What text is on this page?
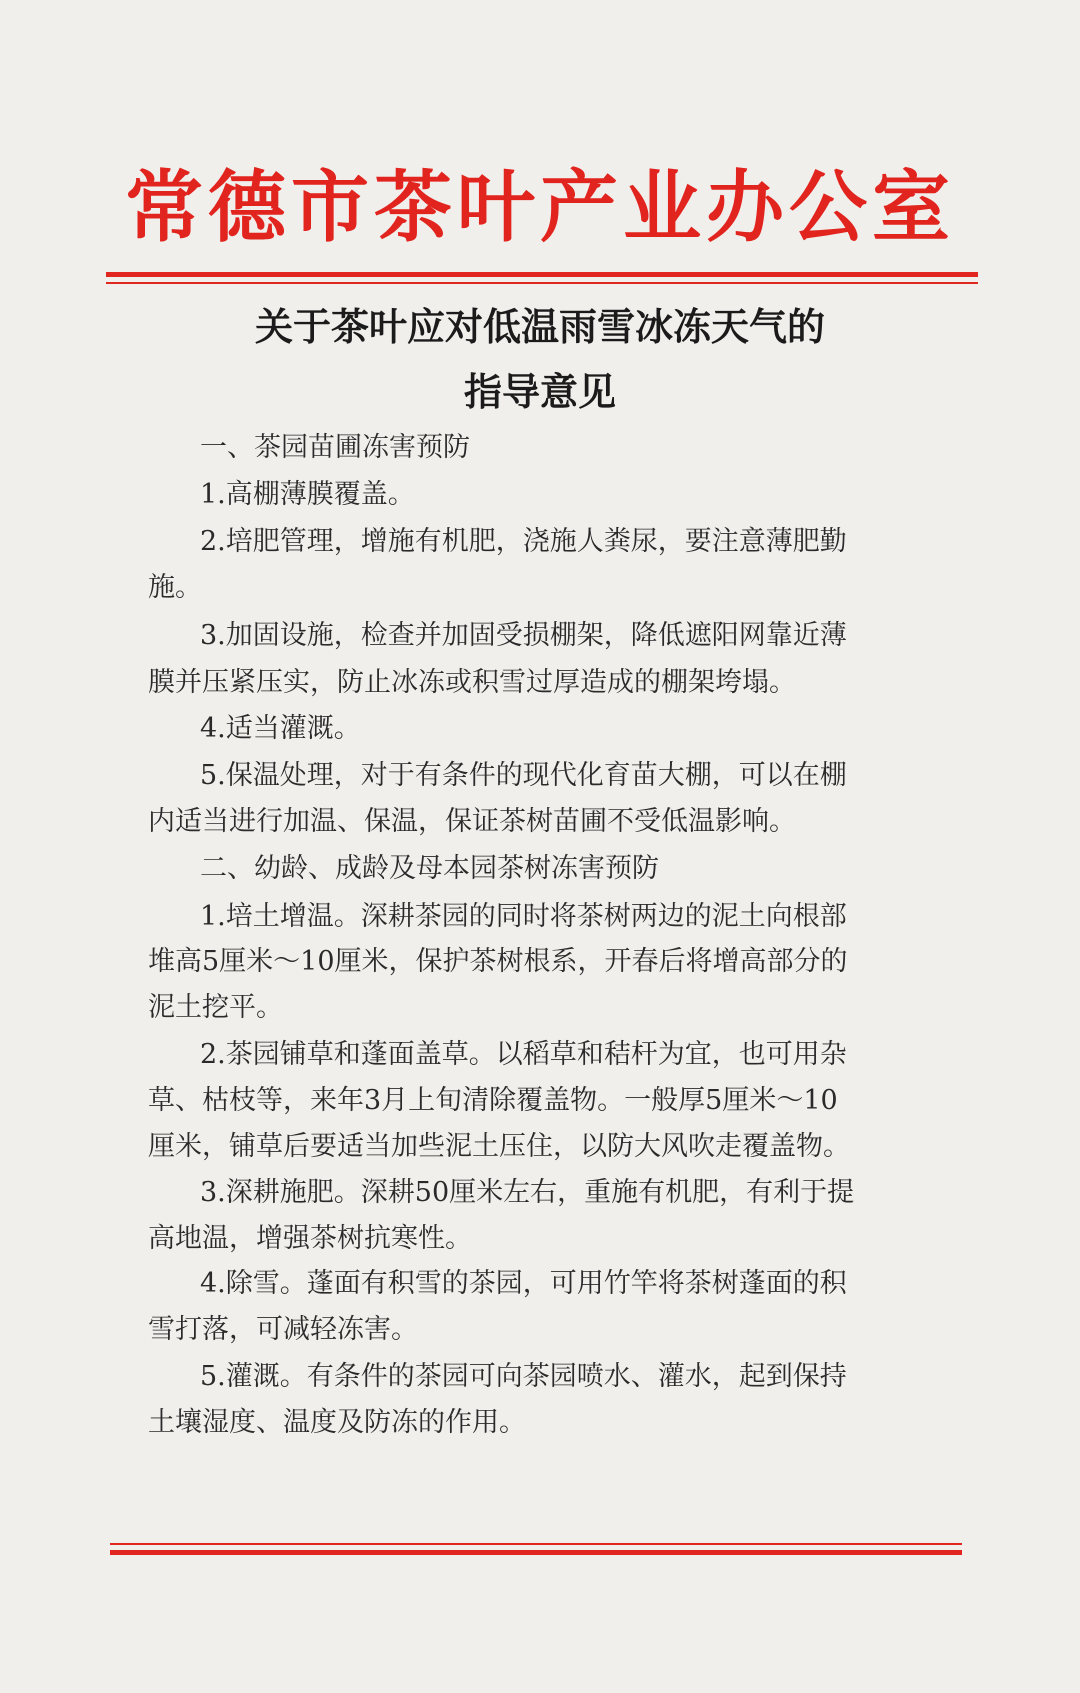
常德市茶叶产业办公室
关于茶叶应对低温雨雪冰冻天气的
指导意见
一、茶园苗圃冻害预防
1.高棚薄膜覆盖。
2.培肥管理，增施有机肥，浇施人粪尿，要注意薄肥勤
施。
3.加固设施，检查并加固受损棚架，降低遮阳网靠近薄
膜并压紧压实，防止冰冻或积雪过厚造成的棚架垮塌。
4.适当灌溉。
5.保温处理，对于有条件的现代化育苗大棚，可以在棚
内适当进行加温、保温，保证茶树苗圃不受低温影响。
二、幼龄、成龄及母本园茶树冻害预防
1.培土增温。深耕茶园的同时将茶树两边的泥土向根部
堆高5厘米～10厘米，保护茶树根系，开春后将增高部分的
泥土挖平。
2.茶园铺草和蓬面盖草。以稻草和秸杆为宜，也可用杂
草、枯枝等，来年3月上旬清除覆盖物。一般厚5厘米～10
厘米，铺草后要适当加些泥土压住，以防大风吹走覆盖物。
3.深耕施肥。深耕50厘米左右，重施有机肥，有利于提
高地温，增强茶树抗寒性。
4.除雪。蓬面有积雪的茶园，可用竹竿将茶树蓬面的积
雪打落，可减轻冻害。
5.灌溉。有条件的茶园可向茶园喷水、灌水，起到保持
土壤湿度、温度及防冻的作用。
